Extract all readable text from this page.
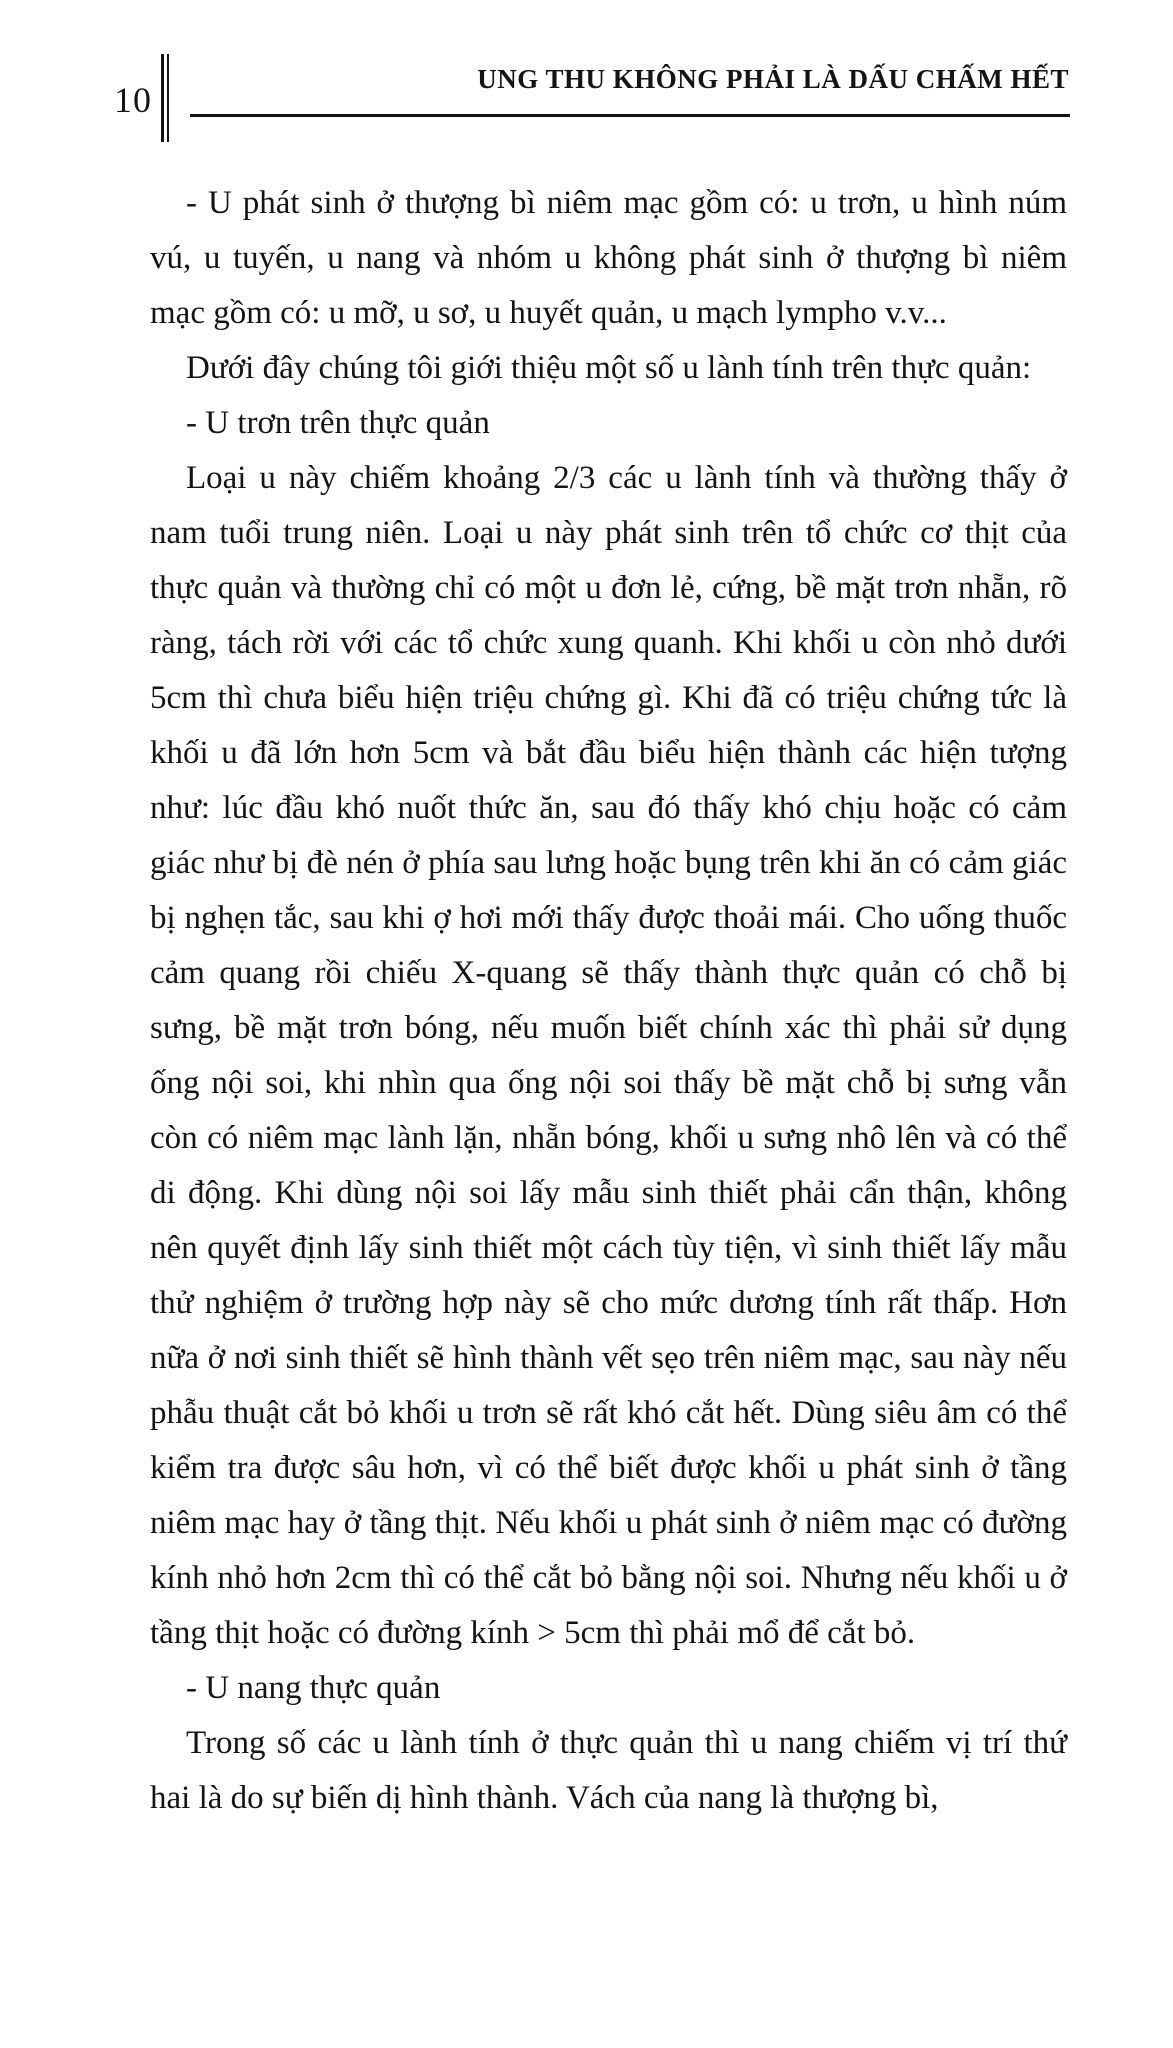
10
UNG THU KHÔNG PHẢI LÀ DẤU CHẤM HẾT

- U phát sinh ở thượng bì niêm mạc gồm có: u trơn, u hình núm vú, u tuyến, u nang và nhóm u không phát sinh ở thượng bì niêm mạc gồm có: u mỡ, u sơ, u huyết quản, u mạch lympho v.v...

Dưới đây chúng tôi giới thiệu một số u lành tính trên thực quản:

- U trơn trên thực quản

Loại u này chiếm khoảng 2/3 các u lành tính và thường thấy ở nam tuổi trung niên. Loại u này phát sinh trên tổ chức cơ thịt của thực quản và thường chỉ có một u đơn lẻ, cứng, bề mặt trơn nhẵn, rõ ràng, tách rời với các tổ chức xung quanh. Khi khối u còn nhỏ dưới 5cm thì chưa biểu hiện triệu chứng gì. Khi đã có triệu chứng tức là khối u đã lớn hơn 5cm và bắt đầu biểu hiện thành các hiện tượng như: lúc đầu khó nuốt thức ăn, sau đó thấy khó chịu hoặc có cảm giác như bị đè nén ở phía sau lưng hoặc bụng trên khi ăn có cảm giác bị nghẹn tắc, sau khi ợ hơi mới thấy được thoải mái. Cho uống thuốc cảm quang rồi chiếu X-quang sẽ thấy thành thực quản có chỗ bị sưng, bề mặt trơn bóng, nếu muốn biết chính xác thì phải sử dụng ống nội soi, khi nhìn qua ống nội soi thấy bề mặt chỗ bị sưng vẫn còn có niêm mạc lành lặn, nhẵn bóng, khối u sưng nhô lên và có thể di động. Khi dùng nội soi lấy mẫu sinh thiết phải cẩn thận, không nên quyết định lấy sinh thiết một cách tùy tiện, vì sinh thiết lấy mẫu thử nghiệm ở trường hợp này sẽ cho mức dương tính rất thấp. Hơn nữa ở nơi sinh thiết sẽ hình thành vết sẹo trên niêm mạc, sau này nếu phẫu thuật cắt bỏ khối u trơn sẽ rất khó cắt hết. Dùng siêu âm có thể kiểm tra được sâu hơn, vì có thể biết được khối u phát sinh ở tầng niêm mạc hay ở tầng thịt. Nếu khối u phát sinh ở niêm mạc có đường kính nhỏ hơn 2cm thì có thể cắt bỏ bằng nội soi. Nhưng nếu khối u ở tầng thịt hoặc có đường kính > 5cm thì phải mổ để cắt bỏ.

- U nang thực quản

Trong số các u lành tính ở thực quản thì u nang chiếm vị trí thứ hai là do sự biến dị hình thành. Vách của nang là thượng bì,
